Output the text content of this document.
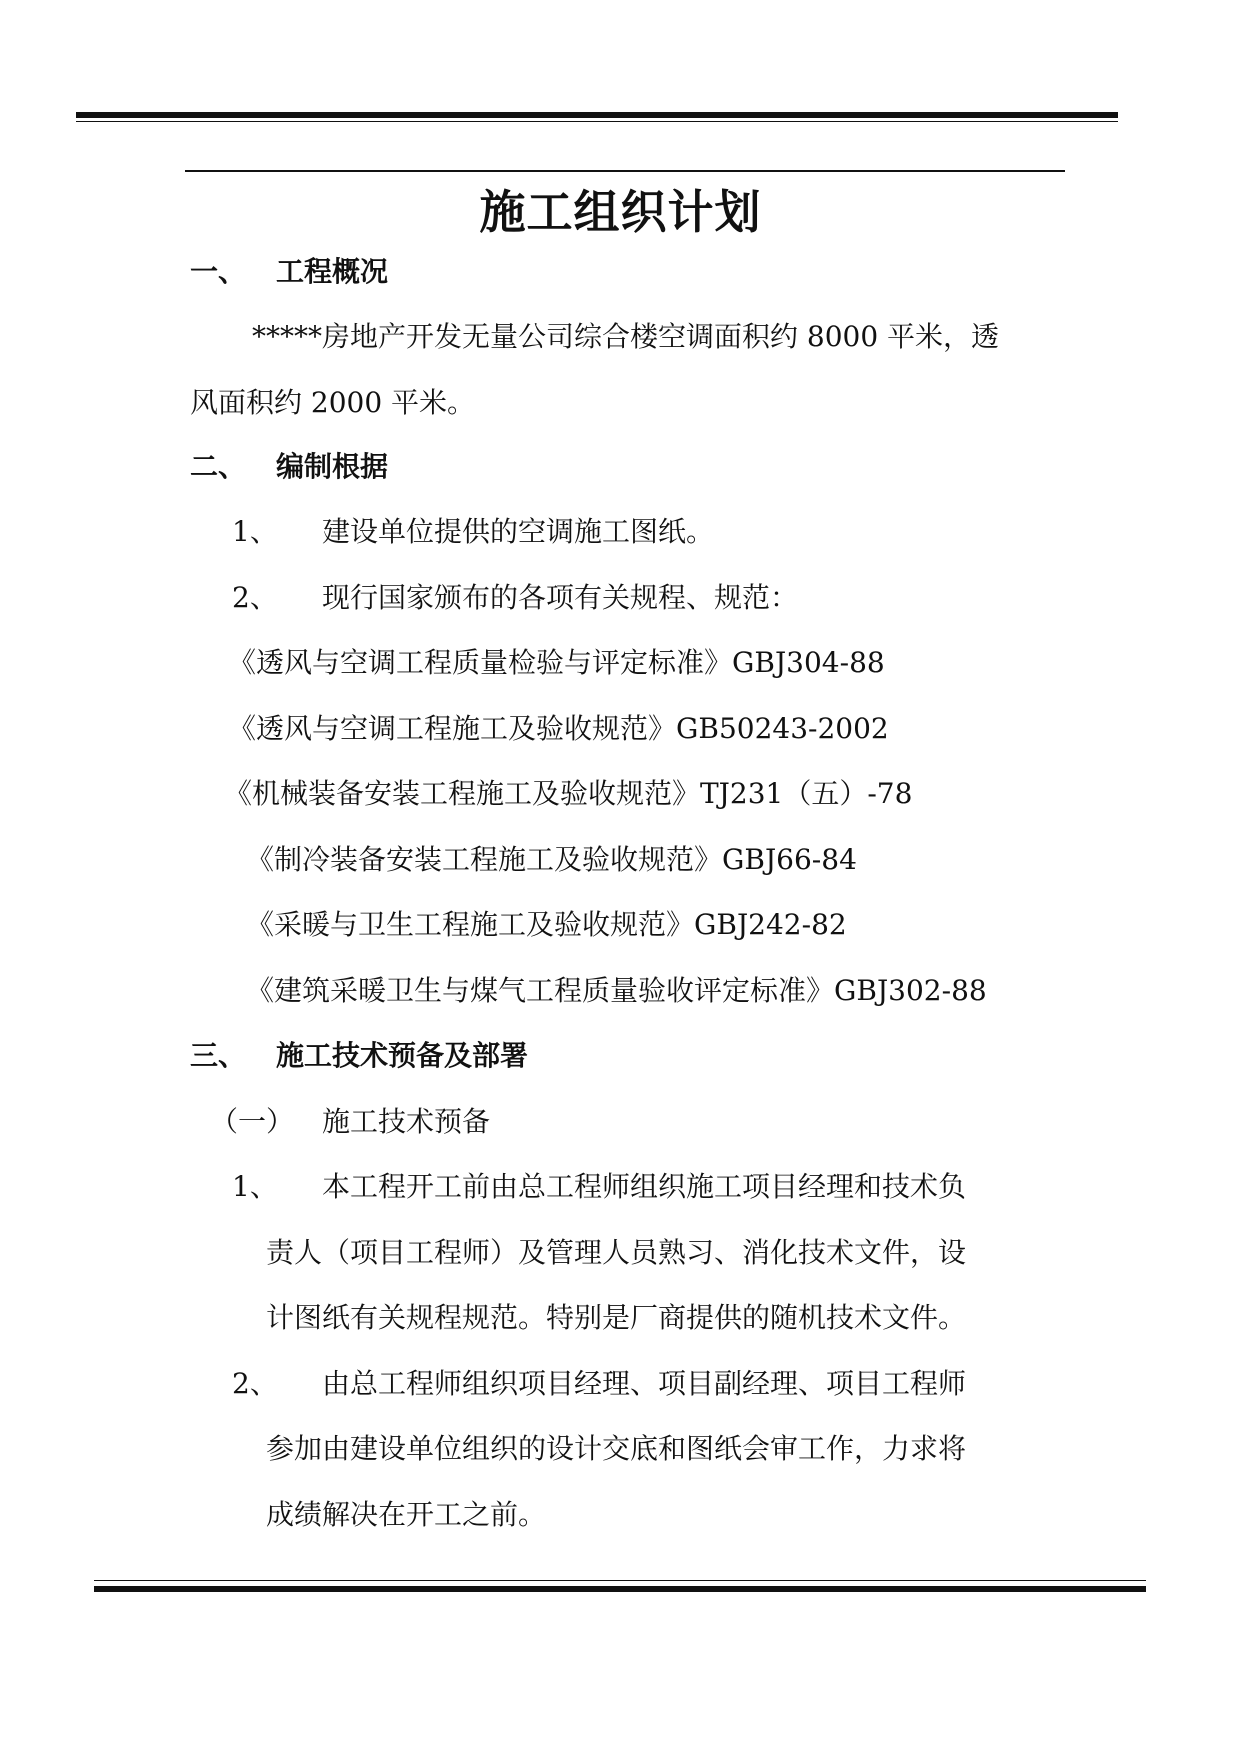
施工组织计划
一、 工程概况
*****房地产开发无量公司综合楼空调面积约 8000 平米，透
风面积约 2000 平米。
二、 编制根据
1、 建设单位提供的空调施工图纸。
2、 现行国家颁布的各项有关规程、规范：
《透风与空调工程质量检验与评定标准》GBJ304-88
《透风与空调工程施工及验收规范》GB50243-2002
《机械装备安装工程施工及验收规范》TJ231（五）-78
《制冷装备安装工程施工及验收规范》GBJ66-84
《采暖与卫生工程施工及验收规范》GBJ242-82
《建筑采暖卫生与煤气工程质量验收评定标准》GBJ302-88
三、 施工技术预备及部署
（一） 施工技术预备
1、 本工程开工前由总工程师组织施工项目经理和技术负
责人（项目工程师）及管理人员熟习、消化技术文件，设
计图纸有关规程规范。特别是厂商提供的随机技术文件。
2、 由总工程师组织项目经理、项目副经理、项目工程师
参加由建设单位组织的设计交底和图纸会审工作，力求将
成绩解决在开工之前。
